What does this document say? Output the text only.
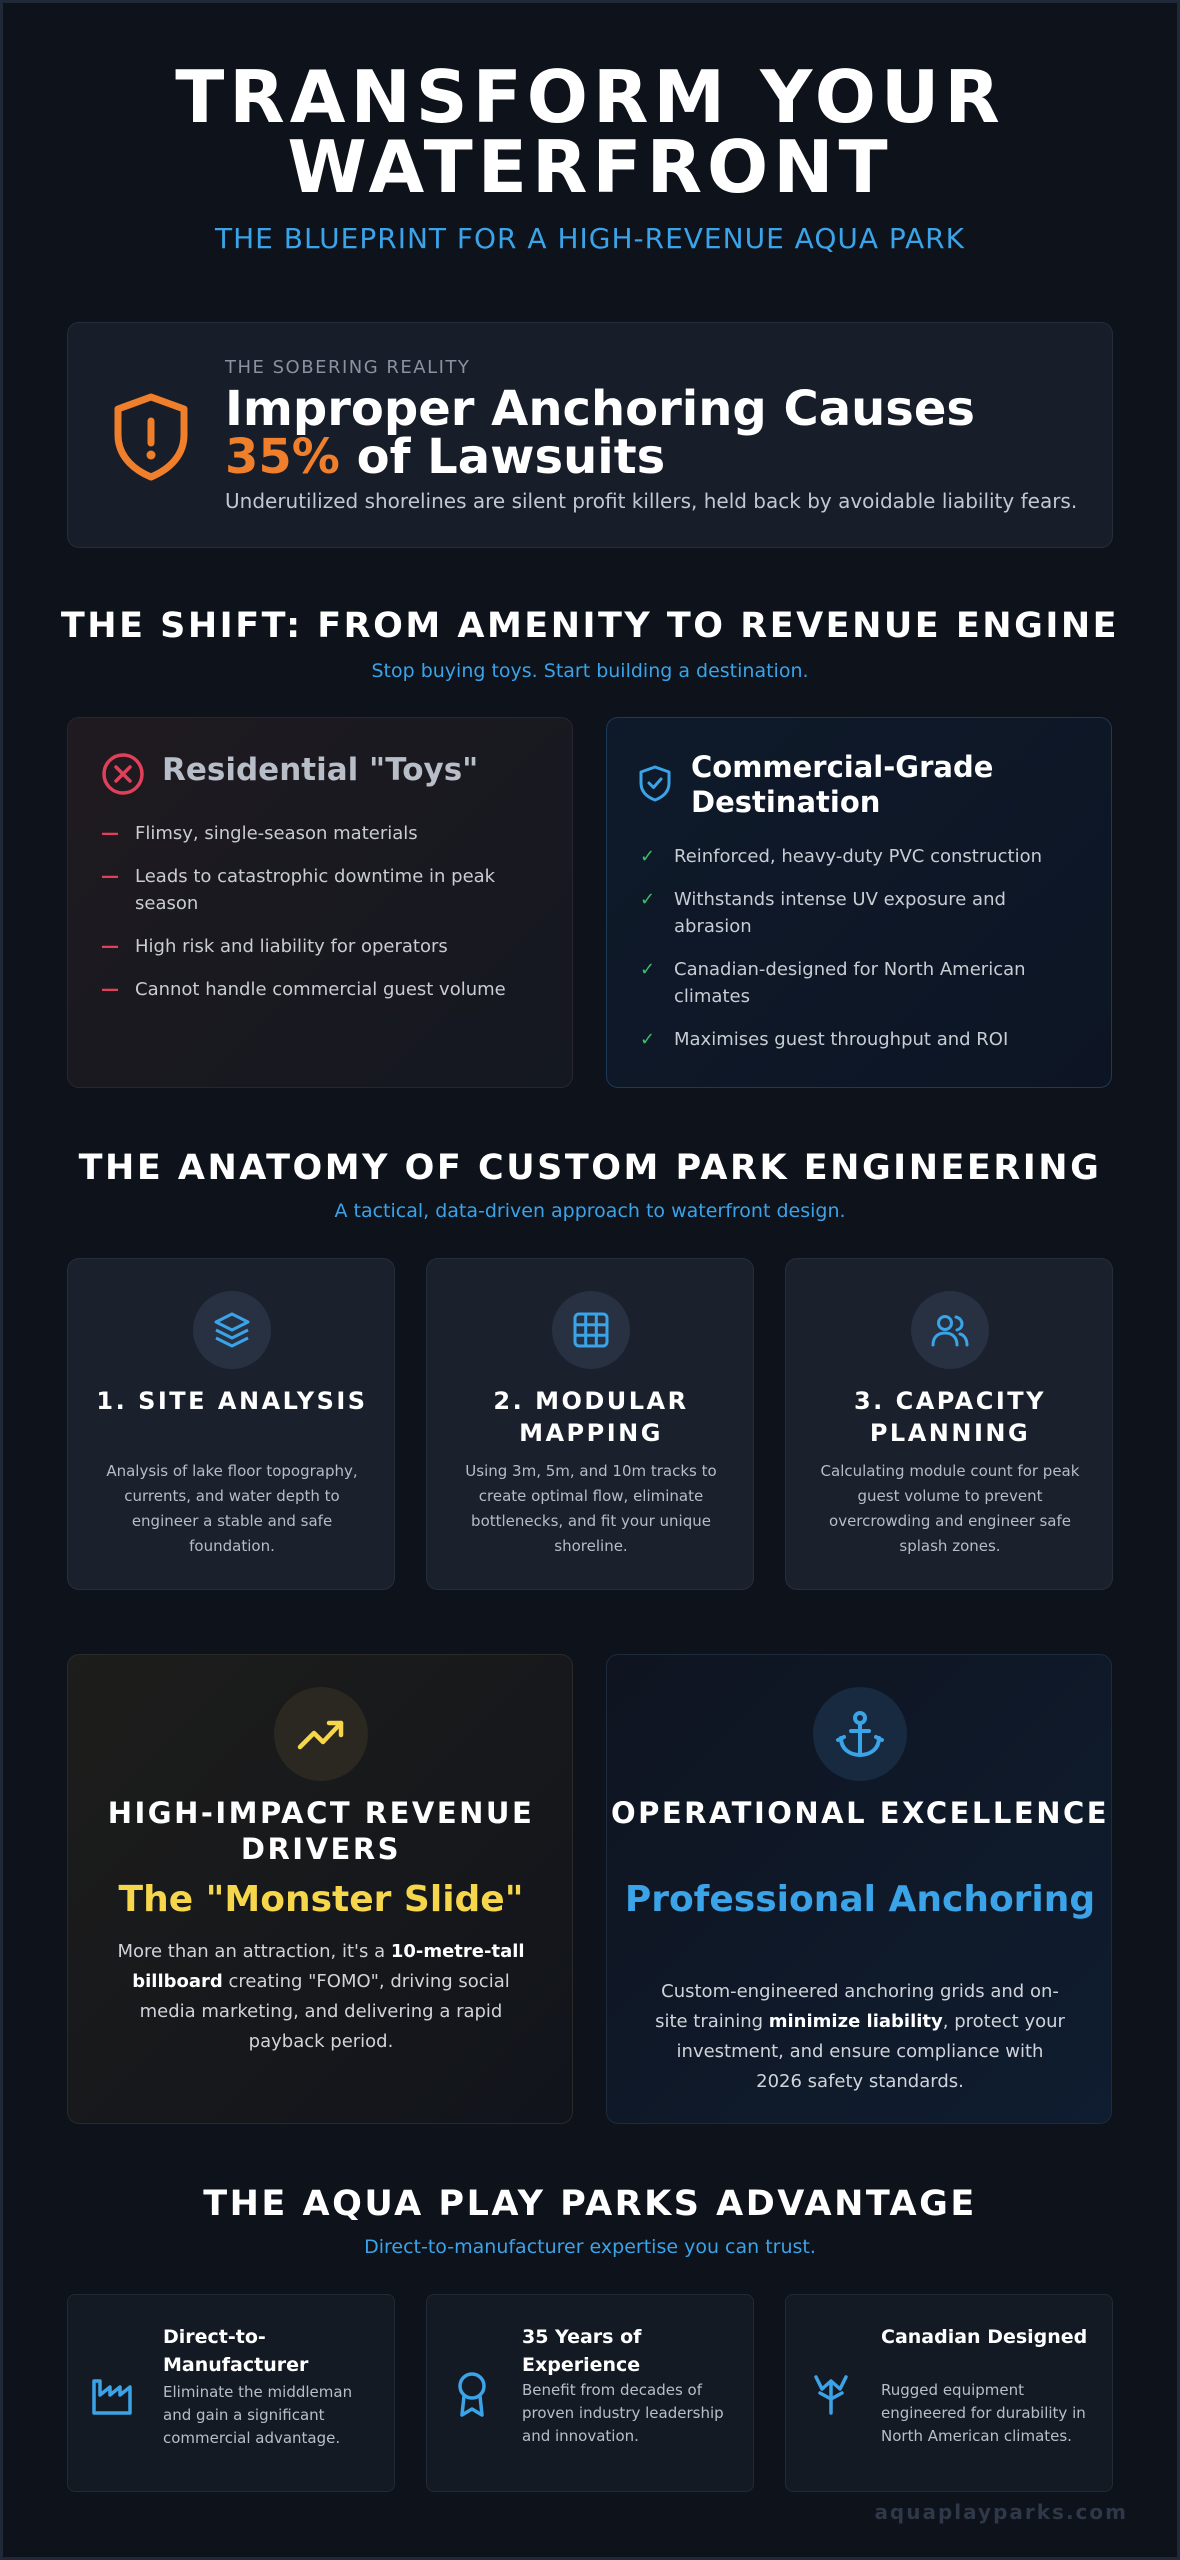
TRANSFORM YOUR
WATERFRONT
THE BLUEPRINT FOR A HIGH-REVENUE AQUA PARK
THE SOBERING REALITY
Improper Anchoring Causes
35% of Lawsuits
Underutilized shorelines are silent profit killers, held back by avoidable liability fears.
THE SHIFT: FROM AMENITY TO REVENUE ENGINE
Stop buying toys. Start building a destination.
Residential "Toys"
— Flimsy, single-season materials
— Leads to catastrophic downtime in peak season
— High risk and liability for operators
— Cannot handle commercial guest volume
Commercial-Grade Destination
✓ Reinforced, heavy-duty PVC construction
✓ Withstands intense UV exposure and abrasion
✓ Canadian-designed for North American climates
✓ Maximises guest throughput and ROI
THE ANATOMY OF CUSTOM PARK ENGINEERING
A tactical, data-driven approach to waterfront design.
1. SITE ANALYSIS
Analysis of lake floor topography, currents, and water depth to engineer a stable and safe foundation.
2. MODULAR MAPPING
Using 3m, 5m, and 10m tracks to create optimal flow, eliminate bottlenecks, and fit your unique shoreline.
3. CAPACITY PLANNING
Calculating module count for peak guest volume to prevent overcrowding and engineer safe splash zones.
HIGH-IMPACT REVENUE DRIVERS
The "Monster Slide"
More than an attraction, it's a 10-metre-tall billboard creating "FOMO", driving social media marketing, and delivering a rapid payback period.
OPERATIONAL EXCELLENCE
Professional Anchoring
Custom-engineered anchoring grids and on-site training minimize liability, protect your investment, and ensure compliance with 2026 safety standards.
THE AQUA PLAY PARKS ADVANTAGE
Direct-to-manufacturer expertise you can trust.
Direct-to-Manufacturer
Eliminate the middleman and gain a significant commercial advantage.
35 Years of Experience
Benefit from decades of proven industry leadership and innovation.
Canadian Designed
Rugged equipment engineered for durability in North American climates.
aquaplayparks.com
